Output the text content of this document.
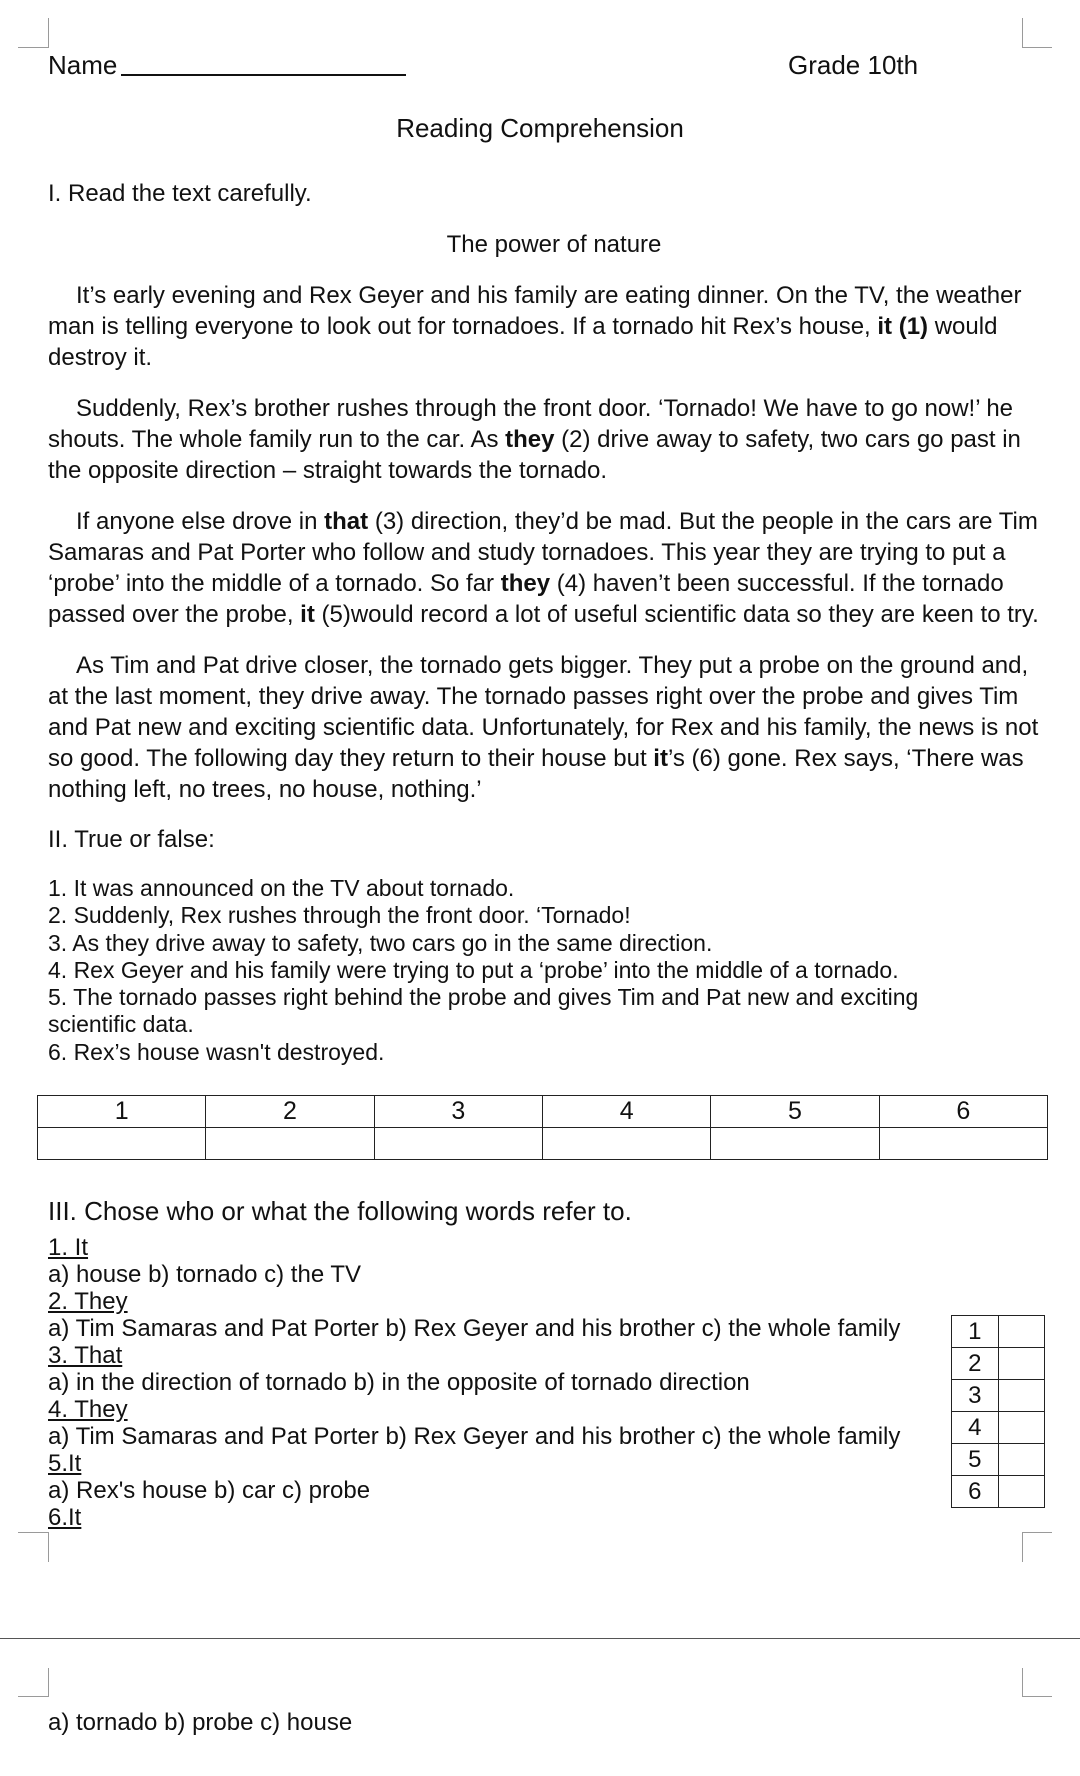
Name	Grade 10th
Reading Comprehension
I. Read the text carefully.
The power of nature
It’s early evening and Rex Geyer and his family are eating dinner. On the TV, the weather man is telling everyone to look out for tornadoes. If a tornado hit Rex’s house, it (1) would destroy it.
Suddenly, Rex’s brother rushes through the front door. ‘Tornado! We have to go now!’ he shouts. The whole family run to the car. As they (2) drive away to safety, two cars go past in the opposite direction – straight towards the tornado.
If anyone else drove in that (3) direction, they’d be mad. But the people in the cars are Tim Samaras and Pat Porter who follow and study tornadoes. This year they are trying to put a ‘probe’ into the middle of a tornado. So far they (4) haven’t been successful. If the tornado passed over the probe, it (5)would record a lot of useful scientific data so they are keen to try.
As Tim and Pat drive closer, the tornado gets bigger. They put a probe on the ground and, at the last moment, they drive away. The tornado passes right over the probe and gives Tim and Pat new and exciting scientific data. Unfortunately, for Rex and his family, the news is not so good. The following day they return to their house but it’s (6) gone. Rex says, ‘There was nothing left, no trees, no house, nothing.’
II. True or false:
1. It was announced on the TV about tornado.
2. Suddenly, Rex rushes through the front door. ‘Tornado!
3. As they drive away to safety, two cars go in the same direction.
4. Rex Geyer and his family were trying to put a ‘probe’ into the middle of a tornado.
5. The tornado passes right behind the probe and gives Tim and Pat new and exciting
scientific data.
6. Rex’s house wasn't destroyed.
1	2	3	4	5	6

III. Chose who or what the following words refer to.
1. It
a) house b) tornado c) the TV
2. They
a) Tim Samaras and Pat Porter b) Rex Geyer and his brother c) the whole family
3. That
a) in the direction of tornado b) in the opposite of tornado direction
4. They
a) Tim Samaras and Pat Porter b) Rex Geyer and his brother c) the whole family
5.It
a) Rex's house b) car c) probe
6.It
a) tornado b) probe c) house
1	
2	
3	
4	
5	
6	
